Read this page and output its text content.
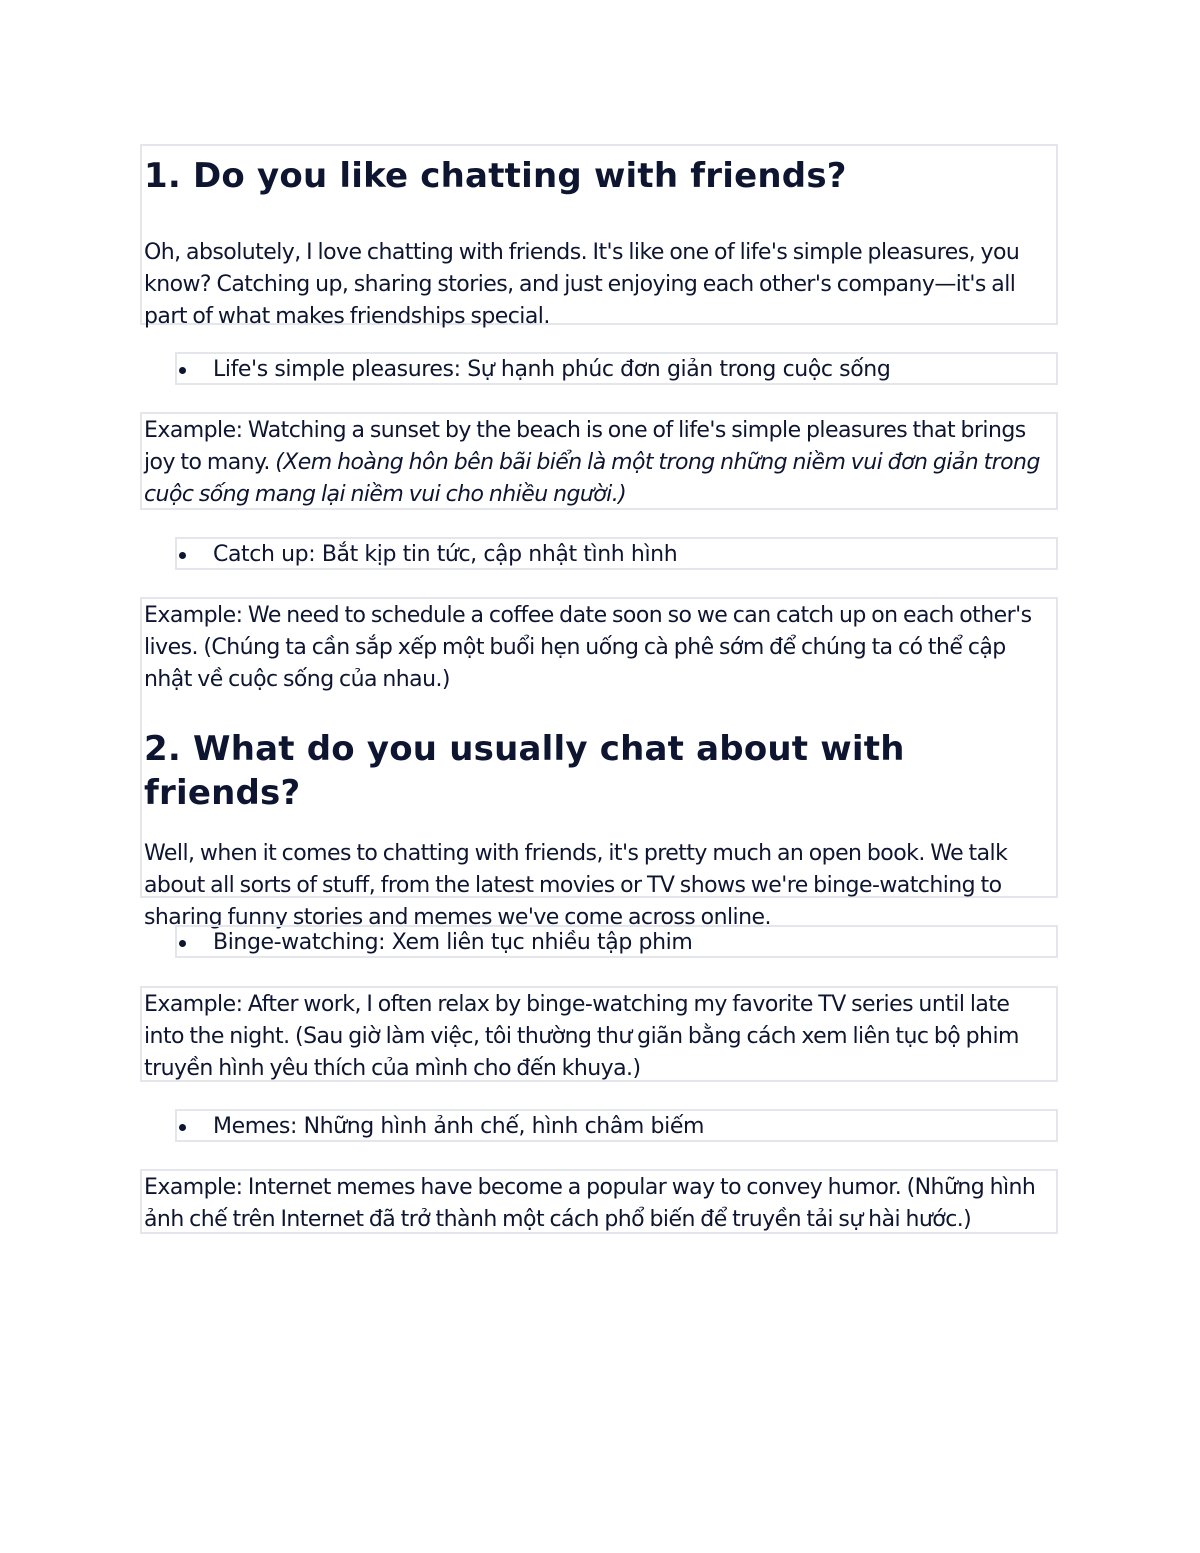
1. Do you like chatting with friends?
Oh, absolutely, I love chatting with friends. It's like one of life's simple pleasures, you know? Catching up, sharing stories, and just enjoying each other's company—it's all part of what makes friendships special.
Life's simple pleasures: Sự hạnh phúc đơn giản trong cuộc sống
Example: Watching a sunset by the beach is one of life's simple pleasures that brings joy to many. (Xem hoàng hôn bên bãi biển là một trong những niềm vui đơn giản trong cuộc sống mang lại niềm vui cho nhiều người.)
Catch up: Bắt kịp tin tức, cập nhật tình hình
Example: We need to schedule a coffee date soon so we can catch up on each other's lives. (Chúng ta cần sắp xếp một buổi hẹn uống cà phê sớm để chúng ta có thể cập nhật về cuộc sống của nhau.)
2. What do you usually chat about with friends?
Well, when it comes to chatting with friends, it's pretty much an open book. We talk about all sorts of stuff, from the latest movies or TV shows we're binge-watching to sharing funny stories and memes we've come across online.
Binge-watching: Xem liên tục nhiều tập phim
Example: After work, I often relax by binge-watching my favorite TV series until late into the night. (Sau giờ làm việc, tôi thường thư giãn bằng cách xem liên tục bộ phim truyền hình yêu thích của mình cho đến khuya.)
Memes: Những hình ảnh chế, hình châm biếm
Example: Internet memes have become a popular way to convey humor. (Những hình ảnh chế trên Internet đã trở thành một cách phổ biến để truyền tải sự hài hước.)
